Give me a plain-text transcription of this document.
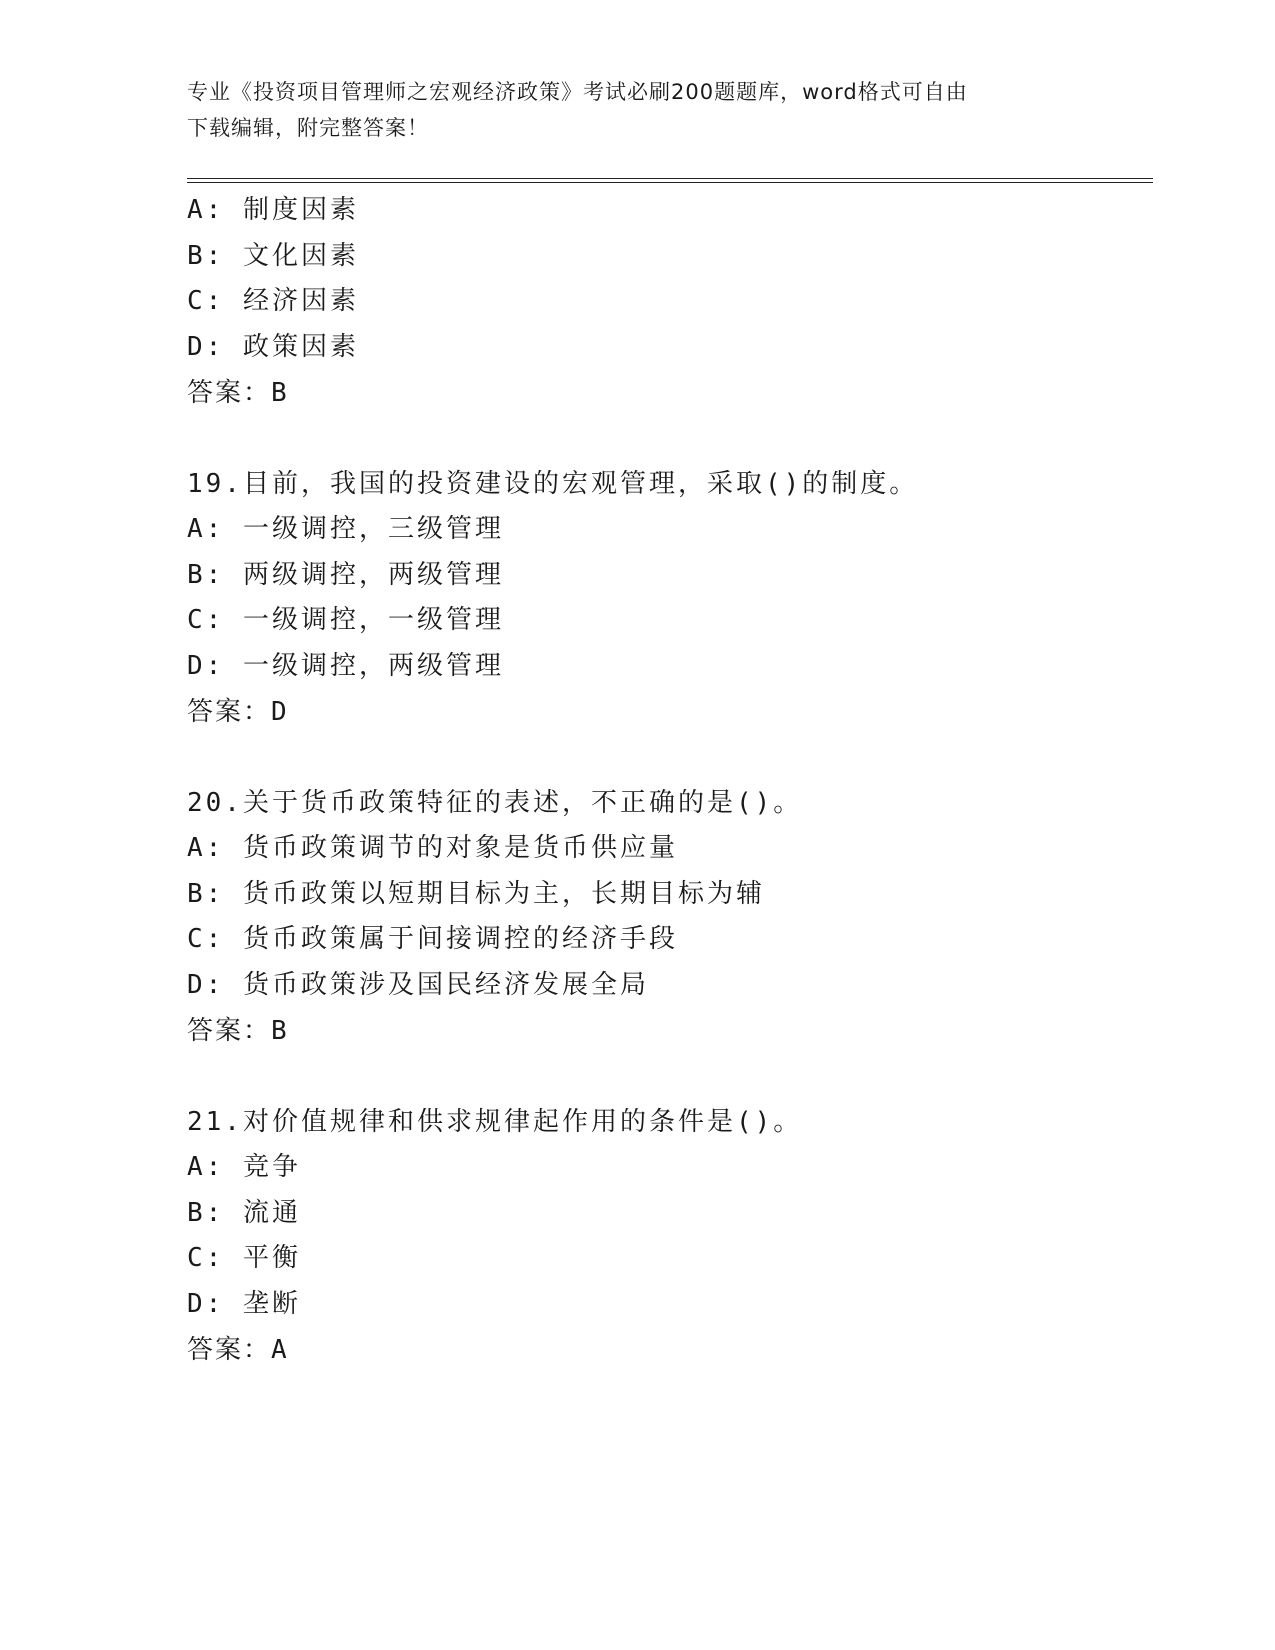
专业《投资项目管理师之宏观经济政策》考试必刷200题题库，word格式可自由
下载编辑，附完整答案！
A: 制度因素
B: 文化因素
C: 经济因素
D: 政策因素
答案：B
19.目前，我国的投资建设的宏观管理，采取()的制度。
A: 一级调控，三级管理
B: 两级调控，两级管理
C: 一级调控，一级管理
D: 一级调控，两级管理
答案：D
20.关于货币政策特征的表述，不正确的是()。
A: 货币政策调节的对象是货币供应量
B: 货币政策以短期目标为主，长期目标为辅
C: 货币政策属于间接调控的经济手段
D: 货币政策涉及国民经济发展全局
答案：B
21.对价值规律和供求规律起作用的条件是()。
A: 竞争
B: 流通
C: 平衡
D: 垄断
答案：A
